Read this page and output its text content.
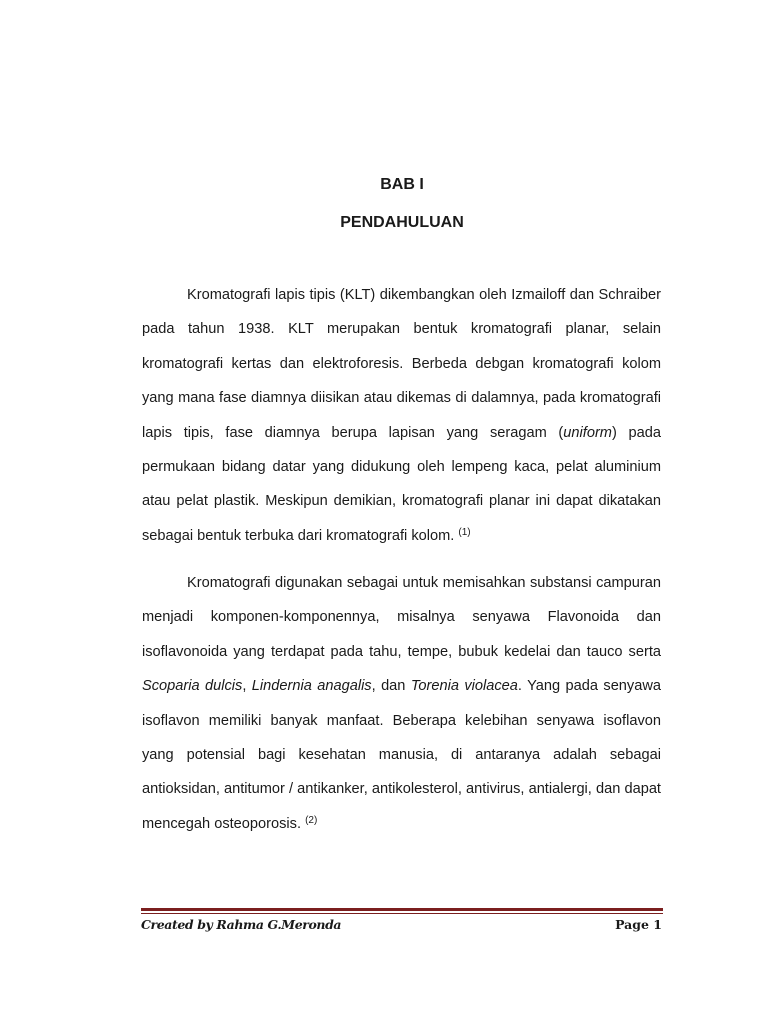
BAB I
PENDAHULUAN

Kromatografi lapis tipis (KLT) dikembangkan oleh Izmailoff dan Schraiber pada tahun 1938. KLT merupakan bentuk kromatografi planar, selain kromatografi kertas dan elektroforesis. Berbeda debgan kromatografi kolom yang mana fase diamnya diisikan atau dikemas di dalamnya, pada kromatografi lapis tipis, fase diamnya berupa lapisan yang seragam (uniform) pada permukaan bidang datar yang didukung oleh lempeng kaca, pelat aluminium atau pelat plastik. Meskipun demikian, kromatografi planar ini dapat dikatakan sebagai bentuk terbuka dari kromatografi kolom. $^{(1)}$

Kromatografi digunakan sebagai untuk memisahkan substansi campuran menjadi komponen-komponennya, misalnya senyawa Flavonoida dan isoflavonoida yang terdapat pada tahu, tempe, bubuk kedelai dan tauco serta Scoparia dulcis, Lindernia anagalis, dan Torenia violacea. Yang pada senyawa isoflavon memiliki banyak manfaat. Beberapa kelebihan senyawa isoflavon yang potensial bagi kesehatan manusia, di antaranya adalah sebagai antioksidan, antitumor / antikanker, antikolesterol, antivirus, antialergi, dan dapat mencegah osteoporosis. $^{(2)}$

Created by Rahma G.Meronda	Page 1
